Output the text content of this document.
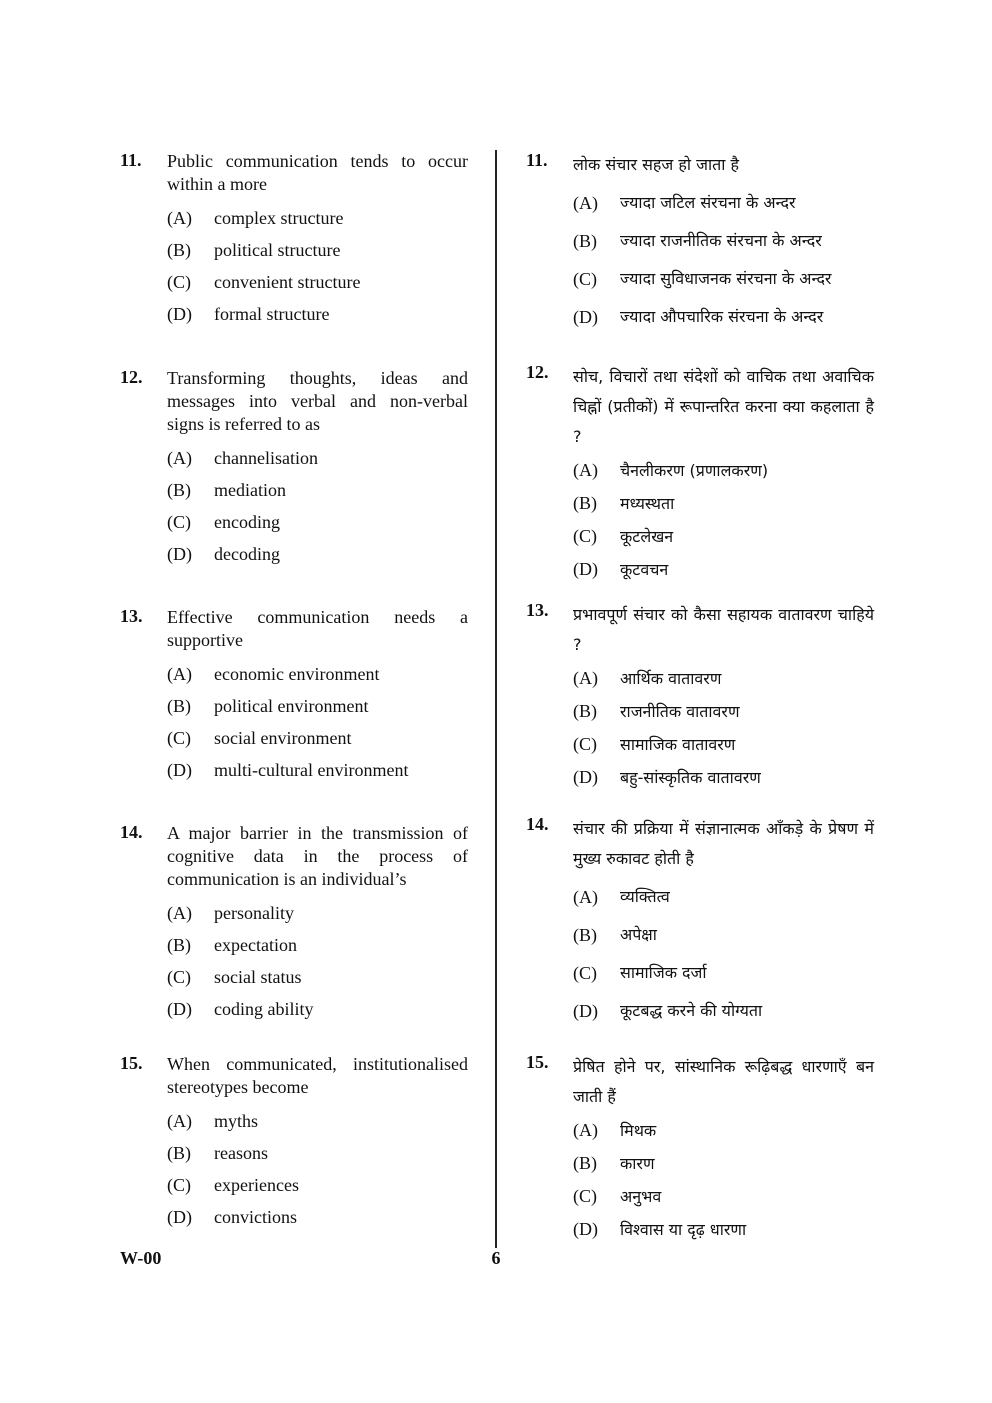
11. Public communication tends to occur within a more
(A)	complex structure
(B)	political structure
(C)	convenient structure
(D)	formal structure
12. Transforming thoughts, ideas and messages into verbal and non-verbal signs is referred to as
(A)	channelisation
(B)	mediation
(C)	encoding
(D)	decoding
13. Effective communication needs a supportive
(A)	economic environment
(B)	political environment
(C)	social environment
(D)	multi-cultural environment
14. A major barrier in the transmission of cognitive data in the process of communication is an individual’s
(A)	personality
(B)	expectation
(C)	social status
(D)	coding ability
15. When communicated, institutionalised stereotypes become
(A)	myths
(B)	reasons
(C)	experiences
(D)	convictions
11. लोक संचार सहज हो जाता है
(A)	ज्यादा जटिल संरचना के अन्दर
(B)	ज्यादा राजनीतिक संरचना के अन्दर
(C)	ज्यादा सुविधाजनक संरचना के अन्दर
(D)	ज्यादा औपचारिक संरचना के अन्दर
12. सोच, विचारों तथा संदेशों को वाचिक तथा अवाचिक चिह्नों (प्रतीकों) में रूपान्तरित करना क्या कहलाता है ?
(A)	चैनलीकरण (प्रणालकरण)
(B)	मध्यस्थता
(C)	कूटलेखन
(D)	कूटवचन
13. प्रभावपूर्ण संचार को कैसा सहायक वातावरण चाहिये ?
(A)	आर्थिक वातावरण
(B)	राजनीतिक वातावरण
(C)	सामाजिक वातावरण
(D)	बहु-सांस्कृतिक वातावरण
14. संचार की प्रक्रिया में संज्ञानात्मक आँकड़े के प्रेषण में मुख्य रुकावट होती है
(A)	व्यक्तित्व
(B)	अपेक्षा
(C)	सामाजिक दर्जा
(D)	कूटबद्ध करने की योग्यता
15. प्रेषित होने पर, सांस्थानिक रूढ़िबद्ध धारणाएँ बन जाती हैं
(A)	मिथक
(B)	कारण
(C)	अनुभव
(D)	विश्वास या दृढ़ धारणा
W-00	6
